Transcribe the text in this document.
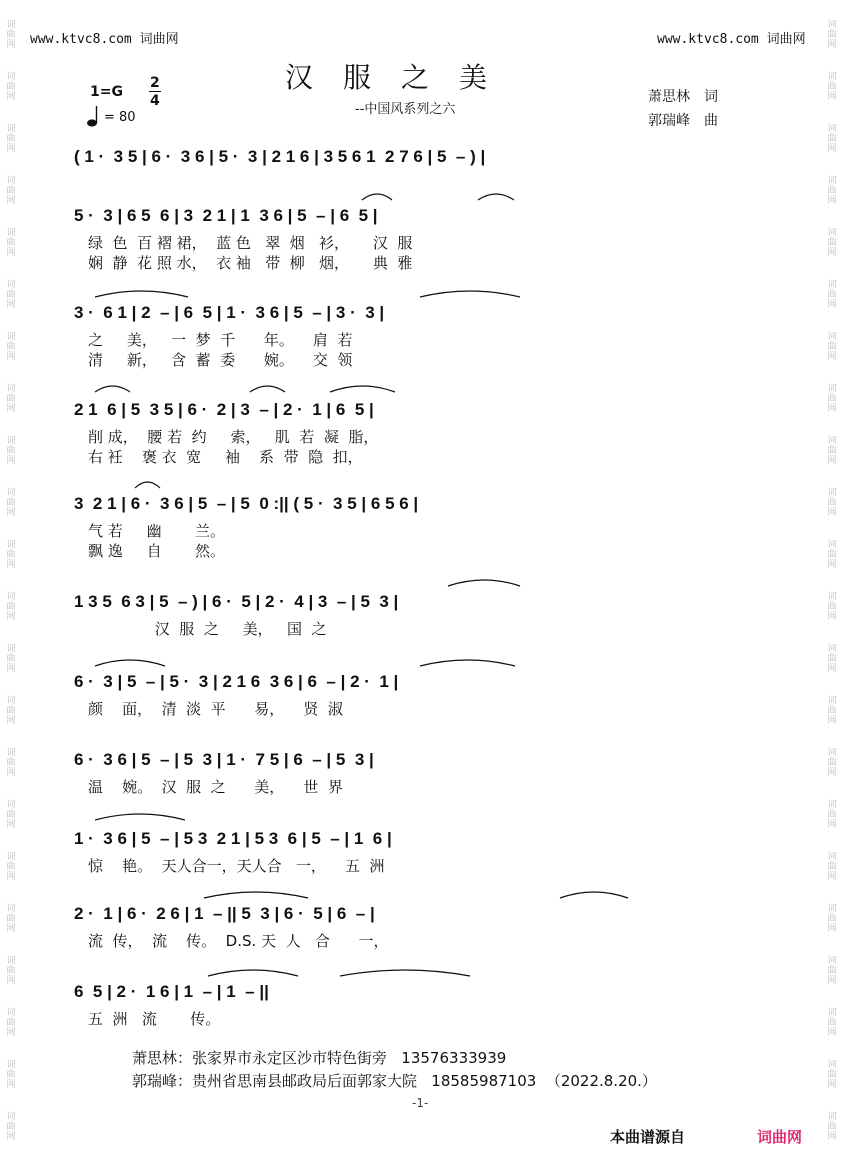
词
曲
网
词
曲
网
词
曲
网
词
曲
网
词
曲
网
词
曲
网
词
曲
网
词
曲
网
词
曲
网
词
曲
网
词
曲
网
词
曲
网
词
曲
网
词
曲
网
词
曲
网
词
曲
网
词
曲
网
词
曲
网
词
曲
网
词
曲
网
词
曲
网
词
曲
网
词
曲
网
词
曲
网
词
曲
网
词
曲
网
词
曲
网
词
曲
网
词
曲
网
词
曲
网
词
曲
网
词
曲
网
词
曲
网
词
曲
网
词
曲
网
词
曲
网
词
曲
网
词
曲
网
词
曲
网
词
曲
网
词
曲
网
词
曲
网
词
曲
网
词
曲
网
www.ktvc8.com 词曲网	www.ktvc8.com 词曲网
汉服之美
--中国风系列之六
1=G
2
4
= 80
萧思林　词
郭瑞峰　曲
( 1 ·  3 5 | 6 ·  3 6 | 5 ·  3 | 2 1 6 | 3 5 6 1  2 7 6 | 5  – ) |
5 ·  3 | 6 5  6 | 3  2 1 | 1  3 6 | 5  – | 6  5 |
绿  色  百 褶 裙，  蓝 色   翠  烟   衫，     汉  服
娴  静  花 照 水，  衣 袖   带  柳   烟，     典  雅
3 ·  6 1 | 2  – | 6  5 | 1 ·  3 6 | 5  – | 3 ·  3 |
之     美，   一  梦  千      年。    肩  若
清     新，   含  蓄  委      婉。    交  领
2 1  6 | 5  3 5 | 6 ·  2 | 3  – | 2 ·  1 | 6  5 |
削 成，  腰 若  约     索，   肌  若  凝  脂，
右 衽    褒 衣  宽     袖    系  带  隐  扣，
3  2 1 | 6 ·  3 6 | 5  – | 5  0 :|| ( 5 ·  3 5 | 6 5 6 |
气 若     幽       兰。
飘 逸     自       然。
1 3 5  6 3 | 5  – ) | 6 ·  5 | 2 ·  4 | 3  – | 5  3 |
汉  服  之     美，   国  之
6 ·  3 | 5  – | 5 ·  3 | 2 1 6  3 6 | 6  – | 2 ·  1 |
颜    面，  清  淡  平      易，    贤  淑
6 ·  3 6 | 5  – | 5  3 | 1 ·  7 5 | 6  – | 5  3 |
温    婉。  汉  服  之      美，    世  界
1 ·  3 6 | 5  – | 5 3  2 1 | 5 3  6 | 5  – | 1  6 |
惊    艳。  天人合一，天人合   一，    五  洲
2 ·  1 | 6 ·  2 6 | 1  – || 5  3 | 6 ·  5 | 6  – |
流  传，  流    传。  D.S. 天  人   合      一，
6  5 | 2 ·  1 6 | 1  – | 1  – ||
五  洲   流       传。
萧思林：张家界市永定区沙市特色街旁   13576333939
郭瑞峰：贵州省思南县邮政局后面郭家大院   18585987103  （2022.8.20.）
-1-
本曲谱源自	词曲网
